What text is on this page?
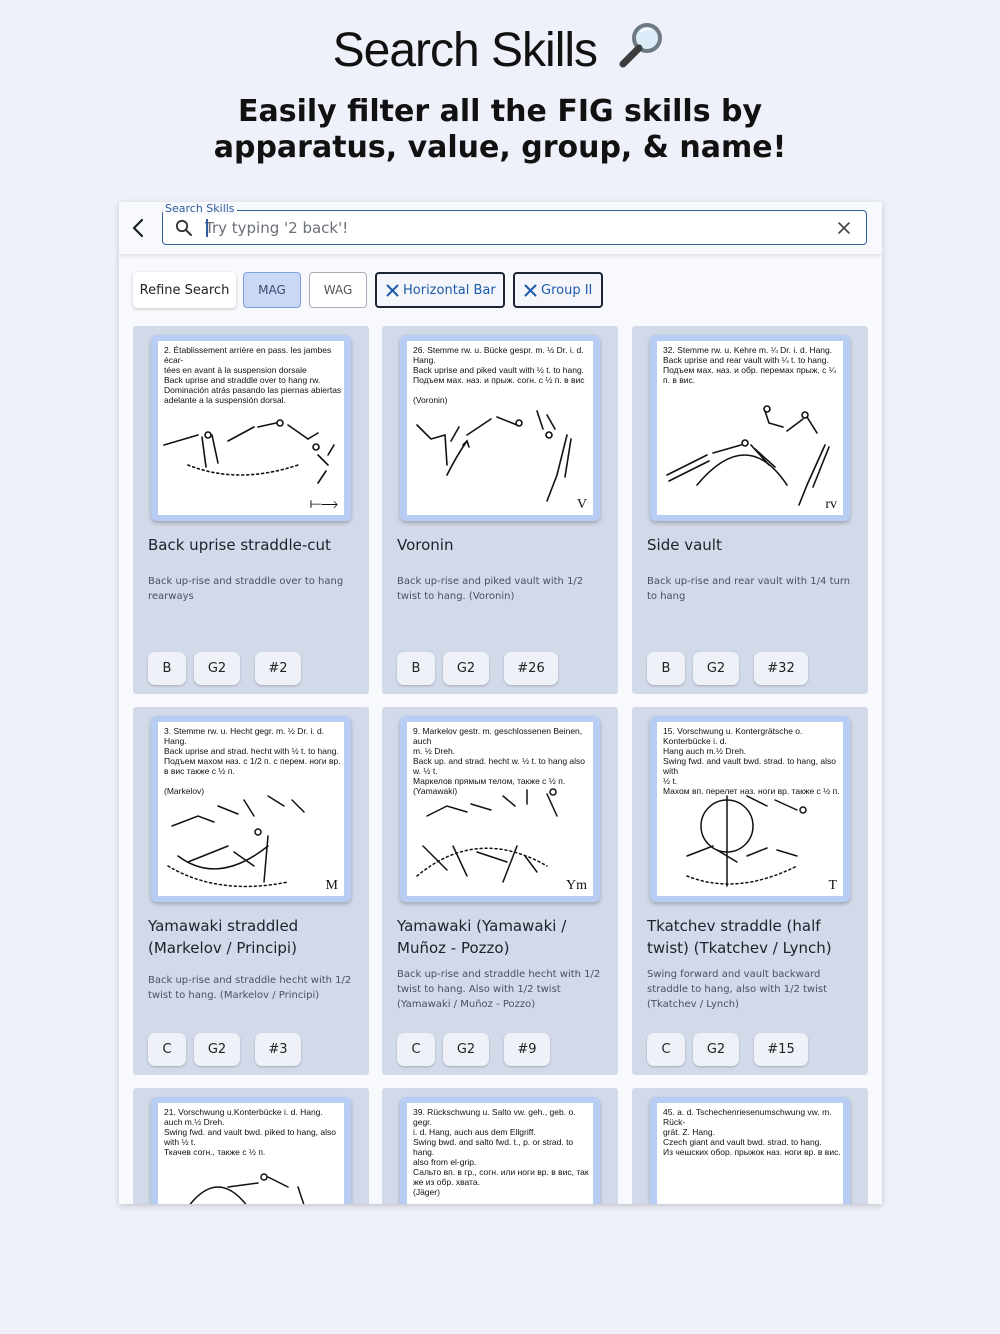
Search Skills
Easily filter all the FIG skills by
apparatus, value, group, & name!
Search Skills
Try typing '2 back'!
Refine Search	MAG	WAG	Horizontal Bar	Group II
2. Établissement arrière en pass. les jambes écar-
tées en avant à la suspension dorsale
Back uprise and straddle over to hang rw.
Dominación atrás pasando las piernas abiertas
adelante a la suspensión dorsal.
⟝⟶
Back uprise straddle-cut
Back up-rise and straddle over to hang rearways
B	G2	#2
26. Stemme rw. u. Bücke gespr. m. ½ Dr. i. d. Hang.
Back uprise and piked vault with ½ t. to hang.
Подъем мах. наз. и прыж. согн. с ½ п. в вис

(Voronin)
V
Voronin
Back up-rise and piked vault with 1/2 twist to hang. (Voronin)
B	G2	#26
32. Stemme rw. u. Kehre m. ¼ Dr. i. d. Hang.
Back uprise and rear vault with ¼ t. to hang.
Подъем мах. наз. и обр. перемах прыж. с ¼
п. в вис.
rv
Side vault
Back up-rise and rear vault with 1/4 turn to hang
B	G2	#32
3. Stemme rw. u. Hecht gegr. m. ½ Dr. i. d. Hang.
Back uprise and strad. hecht with ½ t. to hang.
Подъем махом наз. с 1/2 п. с перем. ноги вр.
в вис также с ½ п.

(Markelov)
M
Yamawaki straddled (Markelov / Principi)
Back up-rise and straddle hecht with 1/2 twist to hang. (Markelov / Principi)
C	G2	#3
9. Markelov gestr. m. geschlossenen Beinen, auch
m. ½ Dreh.
Back up. and strad. hecht w. ½ t. to hang also w. ½ t.
Маркелов прямым телом, также с ½ п.
(Yamawaki)
Ym
Yamawaki (Yamawaki / Muñoz - Pozzo)
Back up-rise and straddle hecht with 1/2 twist to hang. Also with 1/2 twist (Yamawaki / Muñoz - Pozzo)
C	G2	#9
15. Vorschwung u. Kontergrätsche o. Konterbücke i. d.
Hang auch m.½ Dreh.
Swing fwd. and vault bwd. strad. to hang, also with
½ t.
Махом вп. перелет наз. ноги вр. также с ½ п.
T
Tkatchev straddle (half twist) (Tkatchev / Lynch)
Swing forward and vault backward straddle to hang, also with 1/2 twist (Tkatchev / Lynch)
C	G2	#15
21. Vorschwung u.Konterbücke i. d. Hang. auch m.½ Dreh.
Swing fwd. and vault bwd. piked to hang, also with ½ t.
Ткачев согн., также с ½ п.
39. Rückschwung u. Salto vw. geh., geb. o. gegr.
i. d. Hang, auch aus dem Ellgriff.
Swing bwd. and salto fwd. t., p. or strad. to hang.
also from el-grip.
Сальто вп. в гр., согн. или ноги вр. в вис, так
же из обр. хвата.
(Jäger)
45. a. d. Tschechenriesenumschwung vw. m. Rück-
grät. Z. Hang.
Czech giant and vault bwd. strad. to hang.
Из чешских обор. прыжок наз. ноги вр. в вис.
